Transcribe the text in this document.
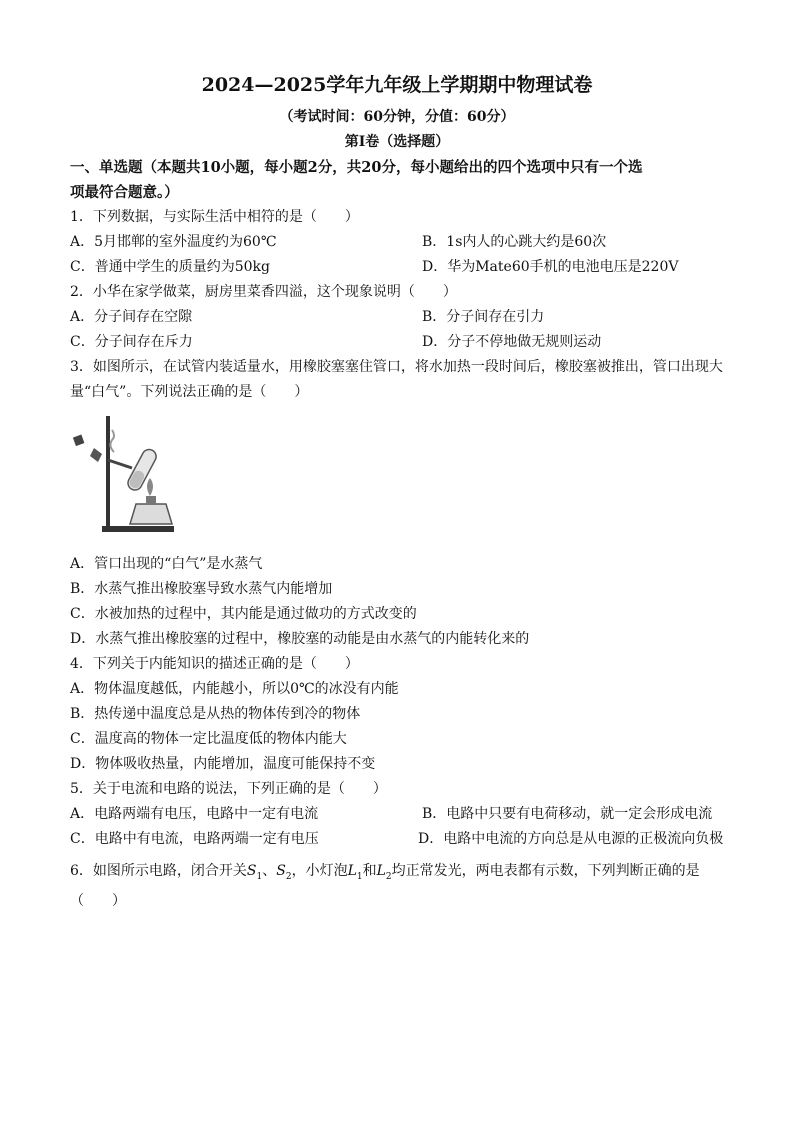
2024—2025学年九年级上学期期中物理试卷
（考试时间：60分钟，分值：60分）
第Ⅰ卷（选择题）
一、单选题（本题共10小题，每小题2分，共20分，每小题给出的四个选项中只有一个选
项最符合题意。）
1．下列数据，与实际生活中相符的是（　　）
A．5月邯郸的室外温度约为60℃	B．1s内人的心跳大约是60次
C．普通中学生的质量约为50kg	D．华为Mate60手机的电池电压是220V
2．小华在家学做菜，厨房里菜香四溢，这个现象说明（　　）
A．分子间存在空隙	B．分子间存在引力
C．分子间存在斥力	D．分子不停地做无规则运动
3．如图所示，在试管内装适量水，用橡胶塞塞住管口，将水加热一段时间后，橡胶塞被推出，管口出现大
量“白气”。下列说法正确的是（　　）
A．管口出现的“白气”是水蒸气
B．水蒸气推出橡胶塞导致水蒸气内能增加
C．水被加热的过程中，其内能是通过做功的方式改变的
D．水蒸气推出橡胶塞的过程中，橡胶塞的动能是由水蒸气的内能转化来的
4．下列关于内能知识的描述正确的是（　　）
A．物体温度越低，内能越小，所以0℃的冰没有内能
B．热传递中温度总是从热的物体传到冷的物体
C．温度高的物体一定比温度低的物体内能大
D．物体吸收热量，内能增加，温度可能保持不变
5．关于电流和电路的说法，下列正确的是（　　）
A．电路两端有电压，电路中一定有电流	B．电路中只要有电荷移动，就一定会形成电流
C．电路中有电流，电路两端一定有电压	D．电路中电流的方向总是从电源的正极流向负极
6．如图所示电路，闭合开关$S_1$、$S_2$，小灯泡$L_1$和$L_2$均正常发光，两电表都有示数，下列判断正确的是
（　　）
